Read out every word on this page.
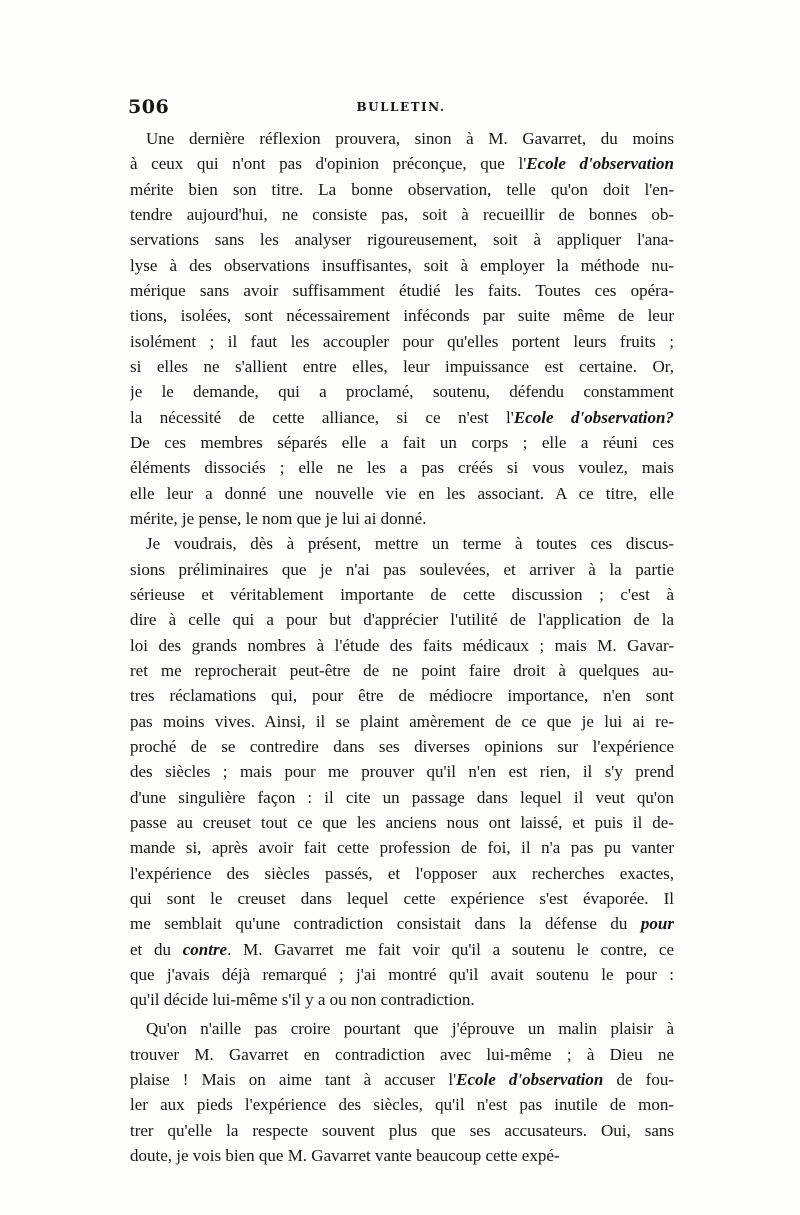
506	BULLETIN.
Une dernière réflexion prouvera, sinon à M. Gavarret, du moins
à ceux qui n'ont pas d'opinion préconçue, que l'Ecole d'observation
mérite bien son titre. La bonne observation, telle qu'on doit l'en-
tendre aujourd'hui, ne consiste pas, soit à recueillir de bonnes ob-
servations sans les analyser rigoureusement, soit à appliquer l'ana-
lyse à des observations insuffisantes, soit à employer la méthode nu-
mérique sans avoir suffisamment étudié les faits. Toutes ces opéra-
tions, isolées, sont nécessairement inféconds par suite même de leur
isolément ; il faut les accoupler pour qu'elles portent leurs fruits ;
si elles ne s'allient entre elles, leur impuissance est certaine. Or,
je le demande, qui a proclamé, soutenu, défendu constamment
la nécessité de cette alliance, si ce n'est l'Ecole d'observation?
De ces membres séparés elle a fait un corps ; elle a réuni ces
éléments dissociés ; elle ne les a pas créés si vous voulez, mais
elle leur a donné une nouvelle vie en les associant. A ce titre, elle
mérite, je pense, le nom que je lui ai donné.
Je voudrais, dès à présent, mettre un terme à toutes ces discus-
sions préliminaires que je n'ai pas soulevées, et arriver à la partie
sérieuse et véritablement importante de cette discussion ; c'est à
dire à celle qui a pour but d'apprécier l'utilité de l'application de la
loi des grands nombres à l'étude des faits médicaux ; mais M. Gavar-
ret me reprocherait peut-être de ne point faire droit à quelques au-
tres réclamations qui, pour être de médiocre importance, n'en sont
pas moins vives. Ainsi, il se plaint amèrement de ce que je lui ai re-
proché de se contredire dans ses diverses opinions sur l'expérience
des siècles ; mais pour me prouver qu'il n'en est rien, il s'y prend
d'une singulière façon : il cite un passage dans lequel il veut qu'on
passe au creuset tout ce que les anciens nous ont laissé, et puis il de-
mande si, après avoir fait cette profession de foi, il n'a pas pu vanter
l'expérience des siècles passés, et l'opposer aux recherches exactes,
qui sont le creuset dans lequel cette expérience s'est évaporée. Il
me semblait qu'une contradiction consistait dans la défense du pour
et du contre. M. Gavarret me fait voir qu'il a soutenu le contre, ce
que j'avais déjà remarqué ; j'ai montré qu'il avait soutenu le pour :
qu'il décide lui-même s'il y a ou non contradiction.
Qu'on n'aille pas croire pourtant que j'éprouve un malin plaisir à
trouver M. Gavarret en contradiction avec lui-même ; à Dieu ne
plaise ! Mais on aime tant à accuser l'Ecole d'observation de fou-
ler aux pieds l'expérience des siècles, qu'il n'est pas inutile de mon-
trer qu'elle la respecte souvent plus que ses accusateurs. Oui, sans
doute, je vois bien que M. Gavarret vante beaucoup cette expé-
